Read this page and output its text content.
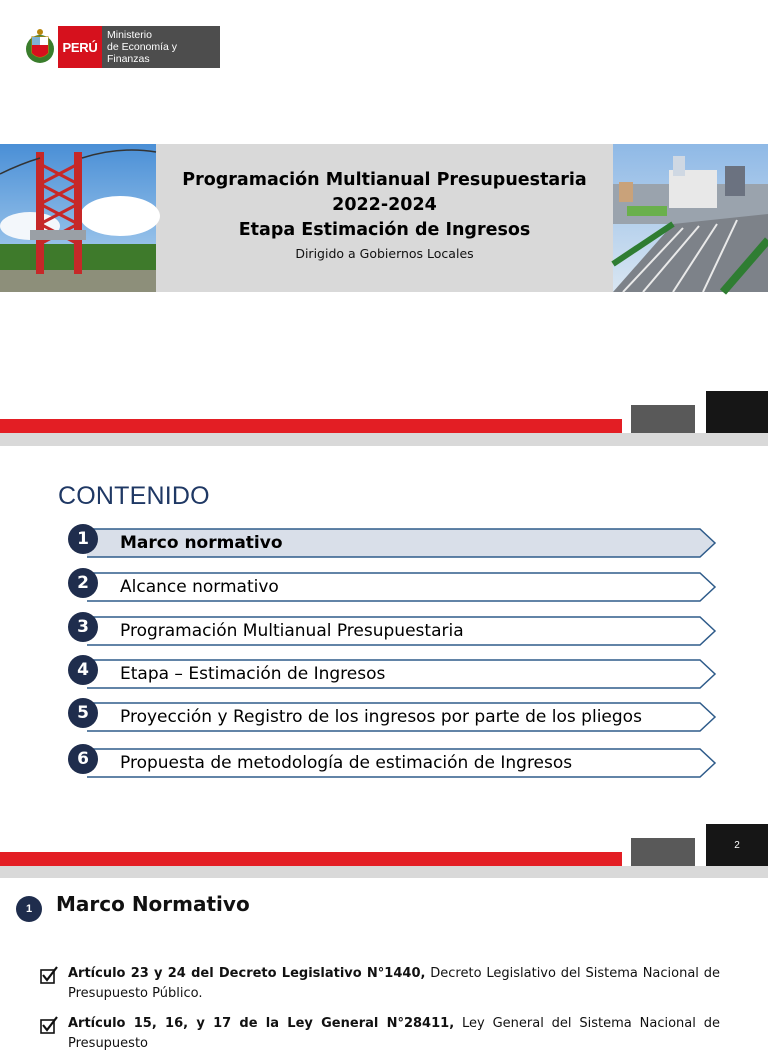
PERÚ
Ministerio
de Economía y Finanzas
Programación Multianual Presupuestaria
2022-2024
Etapa Estimación de Ingresos
Dirigido a Gobiernos Locales
CONTENIDO
1	Marco normativo
2	Alcance normativo
3	Programación Multianual Presupuestaria
4	Etapa – Estimación de Ingresos
5	Proyección y Registro de los ingresos por parte de los pliegos
6	Propuesta de metodología de estimación de Ingresos
2
1	Marco Normativo
Artículo 23 y 24 del Decreto Legislativo N°1440, Decreto Legislativo del Sistema Nacional de Presupuesto Público.
Artículo 15, 16, y 17 de la Ley General N°28411, Ley General del Sistema Nacional de Presupuesto
